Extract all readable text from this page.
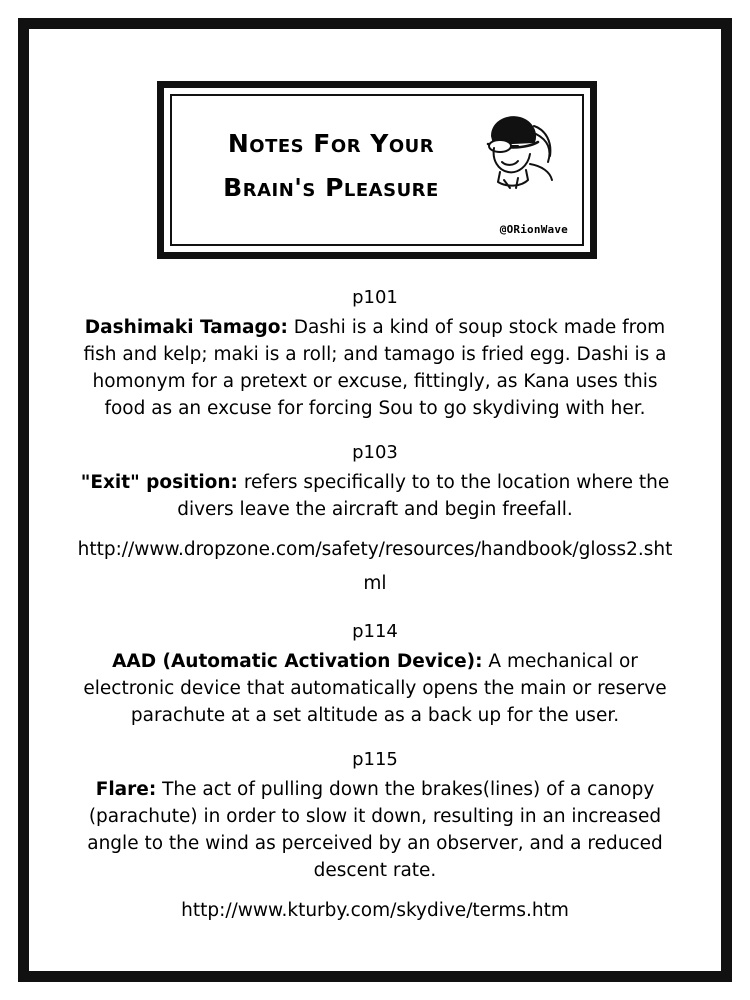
Notes For Your
Brain's Pleasure
@ORionWave
p101
Dashimaki Tamago: Dashi is a kind of soup stock made from fish and kelp; maki is a roll; and tamago is fried egg. Dashi is a homonym for a pretext or excuse, fittingly, as Kana uses this food as an excuse for forcing Sou to go skydiving with her.
p103
"Exit" position: refers specifically to to the location where the divers leave the aircraft and begin freefall.
http://www.dropzone.com/safety/resources/handbook/gloss2.shtml
p114
AAD (Automatic Activation Device): A mechanical or electronic device that automatically opens the main or reserve parachute at a set altitude as a back up for the user.
p115
Flare: The act of pulling down the brakes(lines) of a canopy (parachute) in order to slow it down, resulting in an increased angle to the wind as perceived by an observer, and a reduced descent rate.
http://www.kturby.com/skydive/terms.htm
